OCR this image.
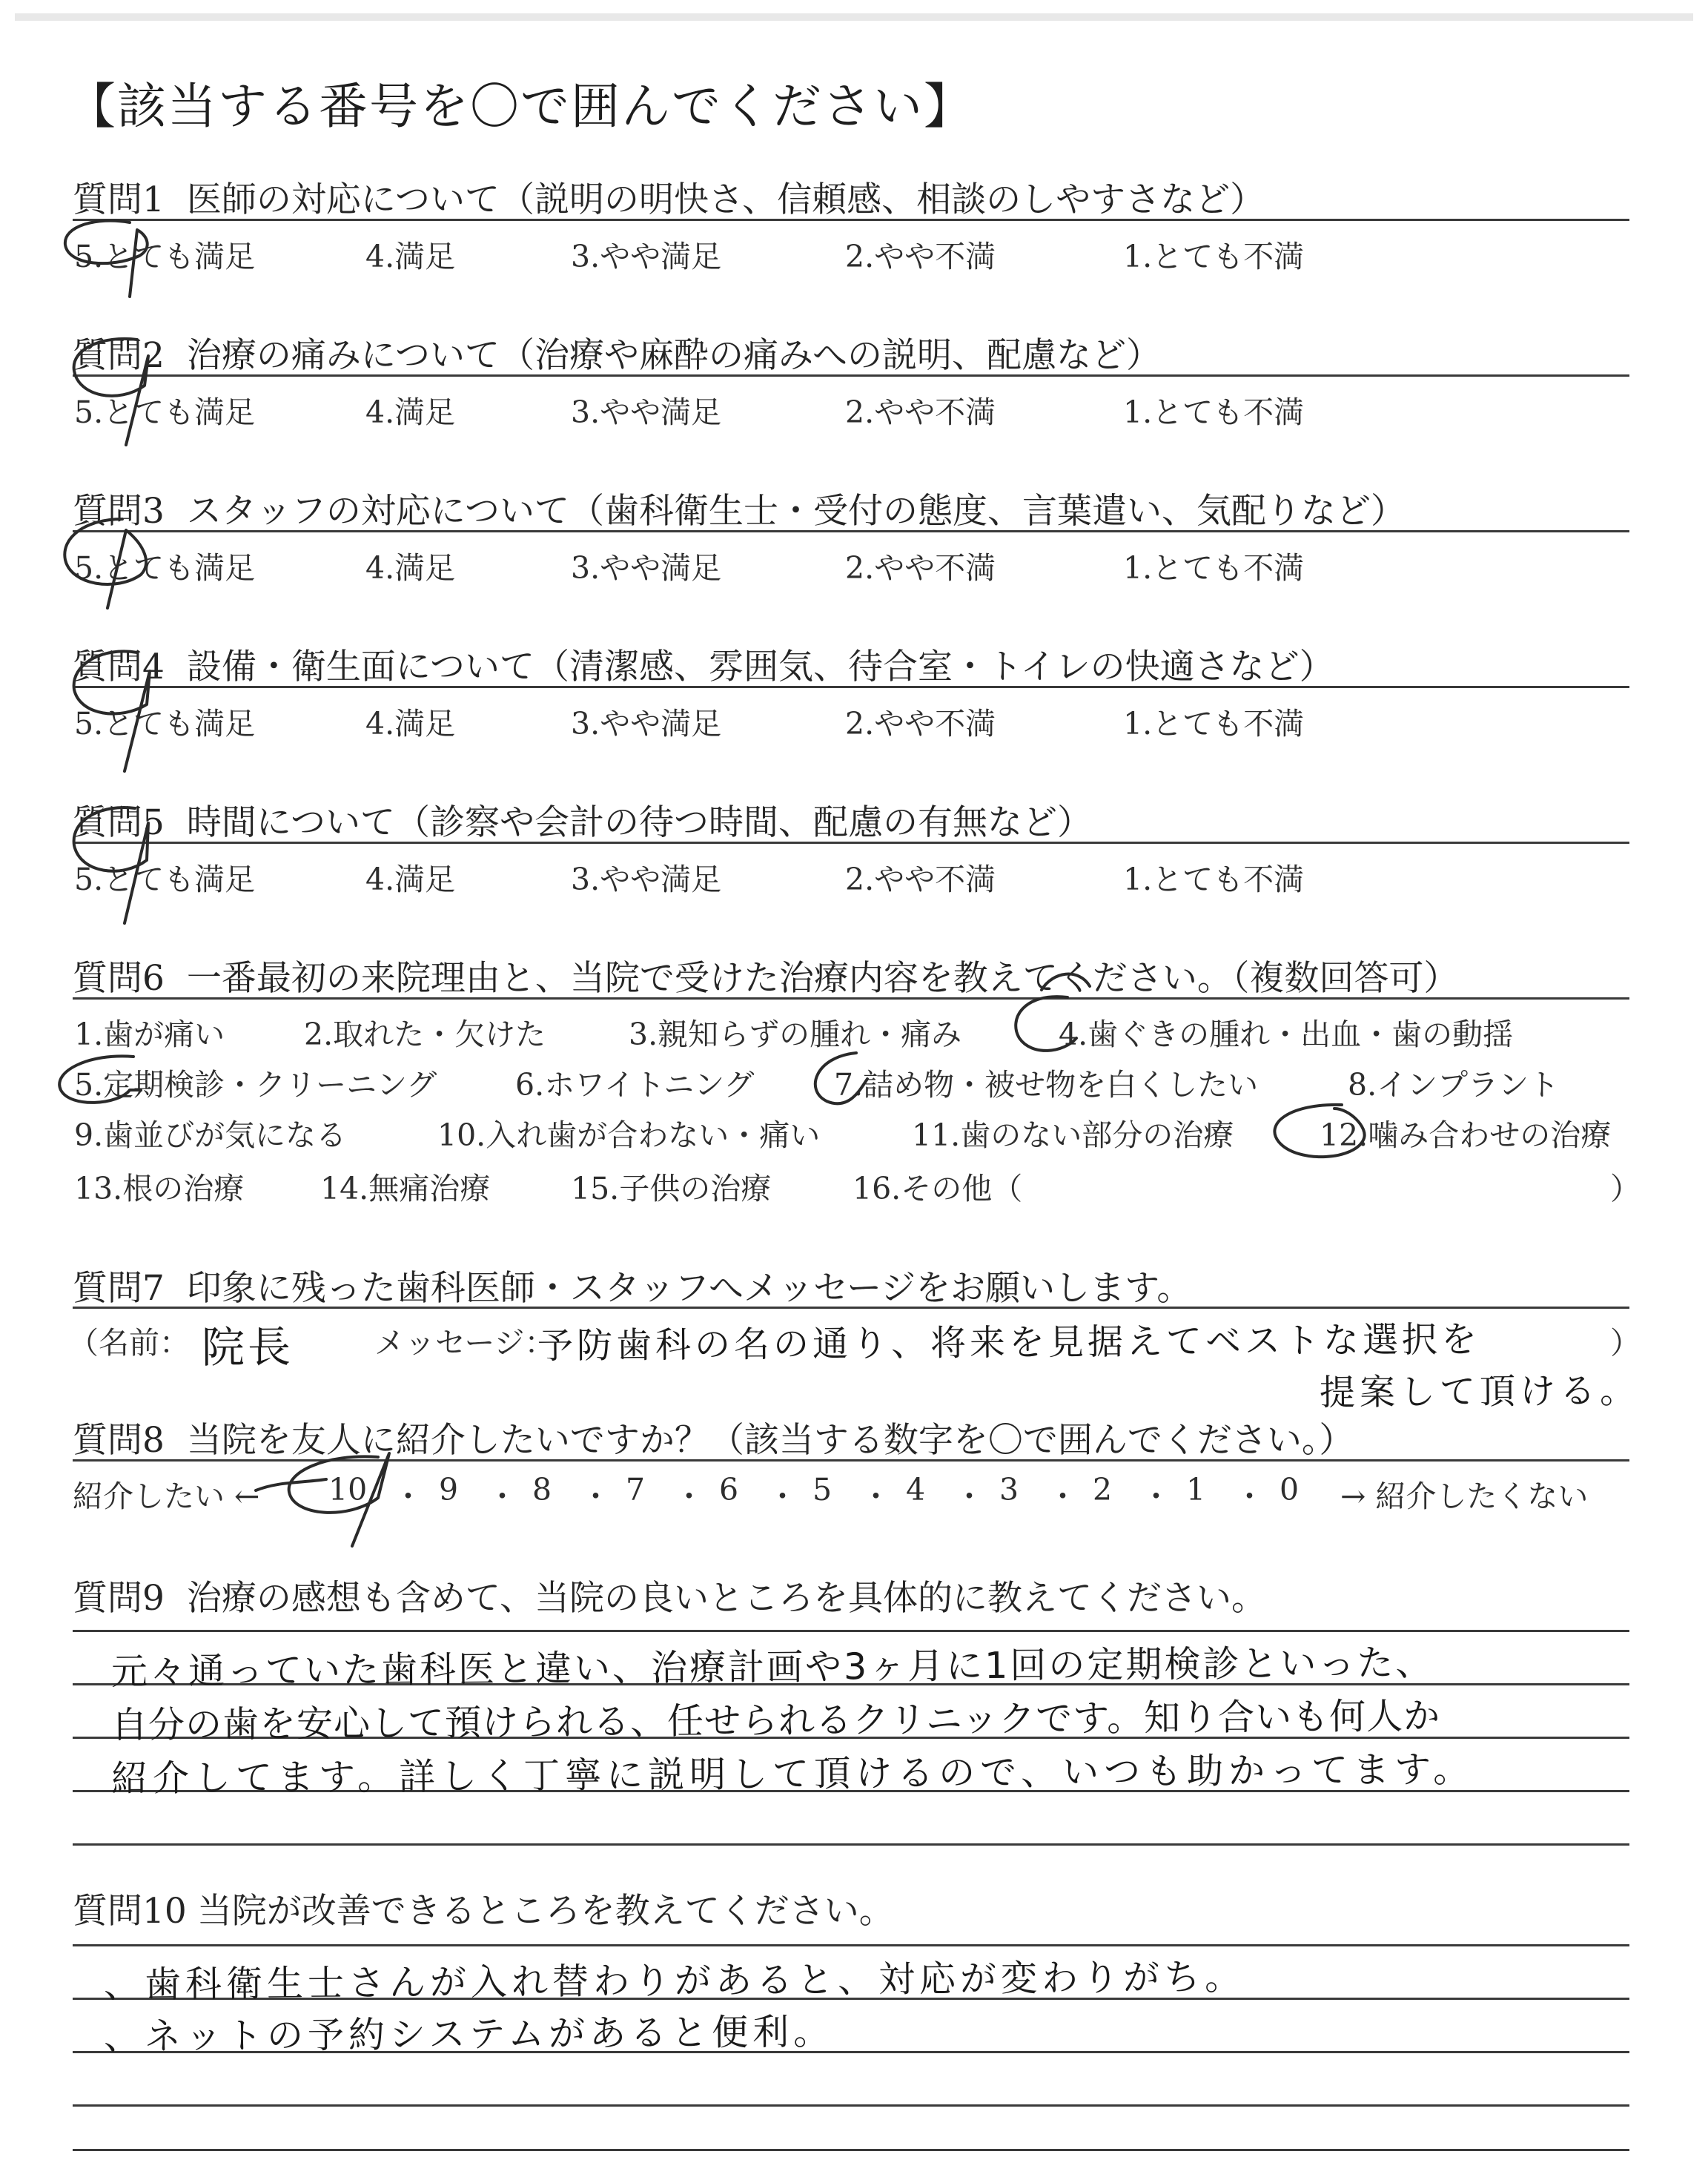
【該当する番号を〇で囲んでください】
質問1 医師の対応について（説明の明快さ、信頼感、相談のしやすさなど）
5.とても満足	4.満足	3.やや満足	2.やや不満	1.とても不満
質問2 治療の痛みについて（治療や麻酔の痛みへの説明、配慮など）
5.とても満足	4.満足	3.やや満足	2.やや不満	1.とても不満
質問3 スタッフの対応について（歯科衛生士・受付の態度、言葉遣い、気配りなど）
5.とても満足	4.満足	3.やや満足	2.やや不満	1.とても不満
質問4 設備・衛生面について（清潔感、雰囲気、待合室・トイレの快適さなど）
5.とても満足	4.満足	3.やや満足	2.やや不満	1.とても不満
質問5 時間について（診察や会計の待つ時間、配慮の有無など）
5.とても満足	4.満足	3.やや満足	2.やや不満	1.とても不満
質問6 一番最初の来院理由と、当院で受けた治療内容を教えてください。（複数回答可）
1.歯が痛い	2.取れた・欠けた	3.親知らずの腫れ・痛み	4.歯ぐきの腫れ・出血・歯の動揺
5.定期検診・クリーニング	6.ホワイトニング	7.詰め物・被せ物を白くしたい	8.インプラント
9.歯並びが気になる	10.入れ歯が合わない・痛い	11.歯のない部分の治療	12.噛み合わせの治療
13.根の治療	14.無痛治療	15.子供の治療	16.その他（	）
質問7 印象に残った歯科医師・スタッフへメッセージをお願いします。
（名前： 院長	メッセージ：
予防歯科の名の通り、将来を見据えてベストな選択を	）
提案して頂ける。
質問8 当院を友人に紹介したいですか？（該当する数字を〇で囲んでください。）
紹介したい ←	→ 紹介したくない
10 ・ 9 ・ 8 ・ 7 ・ 6 ・ 5 ・ 4 ・ 3 ・ 2 ・ 1 ・ 0
質問9 治療の感想も含めて、当院の良いところを具体的に教えてください。
元々通っていた歯科医と違い、治療計画や3ヶ月に1回の定期検診といった、
自分の歯を安心して預けられる、任せられるクリニックです。知り合いも何人か
紹介してます。詳しく丁寧に説明して頂けるので、いつも助かってます。
質問10 当院が改善できるところを教えてください。
、歯科衛生士さんが入れ替わりがあると、対応が変わりがち。
、ネットの予約システムがあると便利。
